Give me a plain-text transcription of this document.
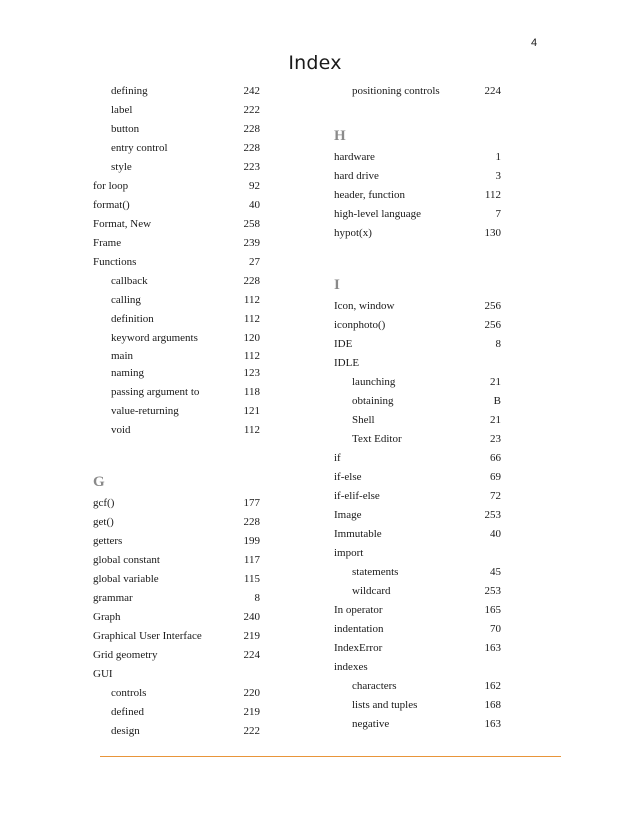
4
Index
defining	242
label	222
button	228
entry control	228
style	223
for loop	92
format()	40
Format, New	258
Frame	239
Functions	27
callback	228
calling	112
definition	112
keyword arguments	120
main	112
naming	123
passing argument to	118
value-returning	121
void	112
G
gcf()	177
get()	228
getters	199
global constant	117
global variable	115
grammar	8
Graph	240
Graphical User Interface	219
Grid geometry	224
GUI
controls	220
defined	219
design	222
positioning controls	224
H
hardware	1
hard drive	3
header, function	112
high-level language	7
hypot(x)	130
I
Icon, window	256
iconphoto()	256
IDE	8
IDLE
launching	21
obtaining	B
Shell	21
Text Editor	23
if	66
if-else	69
if-elif-else	72
Image	253
Immutable	40
import
statements	45
wildcard	253
In operator	165
indentation	70
IndexError	163
indexes
characters	162
lists and tuples	168
negative	163
